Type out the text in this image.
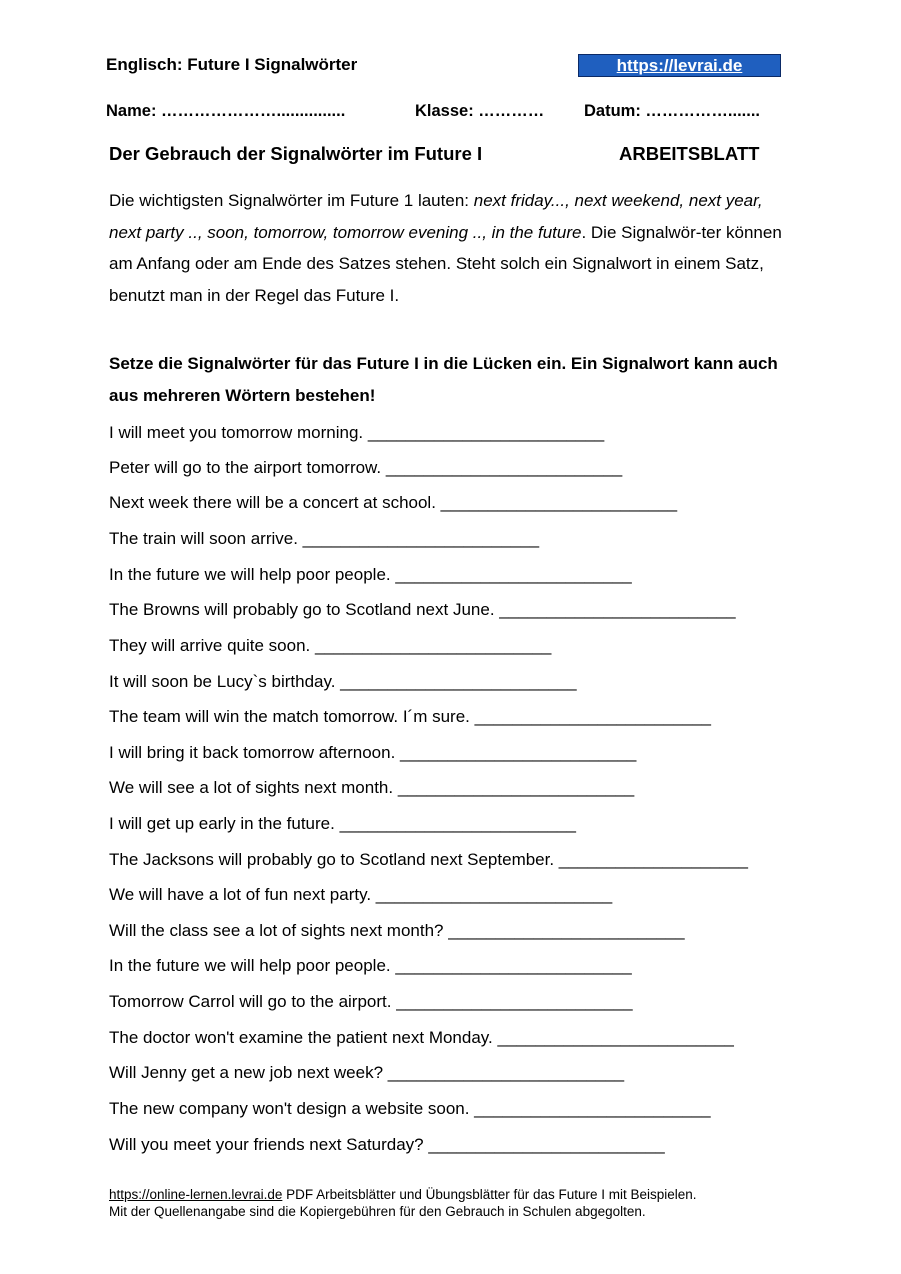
Englisch: Future I Signalwörter	https://levrai.de
Name: …………………...............	Klasse: ………… Datum: …………….......
Der Gebrauch der Signalwörter im Future I	ARBEITSBLATT
Die wichtigsten Signalwörter im Future 1 lauten: next friday..., next weekend, next year, next party .., soon, tomorrow, tomorrow evening .., in the future. Die Signalwör-ter können am Anfang oder am Ende des Satzes stehen. Steht solch ein Signalwort in einem Satz, benutzt man in der Regel das Future I.
Setze die Signalwörter für das Future I in die Lücken ein. Ein Signalwort kann auch aus mehreren Wörtern bestehen!
I will meet you tomorrow morning. _________________________
Peter will go to the airport tomorrow. _________________________
Next week there will be a concert at school. _________________________
The train will soon arrive. _________________________
In the future we will help poor people. _________________________
The Browns will probably go to Scotland next June. _________________________
They will arrive quite soon. _________________________
It will soon be Lucy`s birthday. _________________________
The team will win the match tomorrow. I´m sure. _________________________
I will bring it back tomorrow afternoon. _________________________
We will see a lot of sights next month. _________________________
I will get up early in the future. _________________________
The Jacksons will probably go to Scotland next September. ____________________
We will have a lot of fun next party. _________________________
Will the class see a lot of sights next month? _________________________
In the future we will help poor people. _________________________
Tomorrow Carrol will go to the airport. _________________________
The doctor won't examine the patient next Monday. _________________________
Will Jenny get a new job next week? _________________________
The new company won't design a website soon. _________________________
Will you meet your friends next Saturday? _________________________
https://online-lernen.levrai.de PDF Arbeitsblätter und Übungsblätter für das Future I mit Beispielen.
Mit der Quellenangabe sind die Kopiergebühren für den Gebrauch in Schulen abgegolten.
